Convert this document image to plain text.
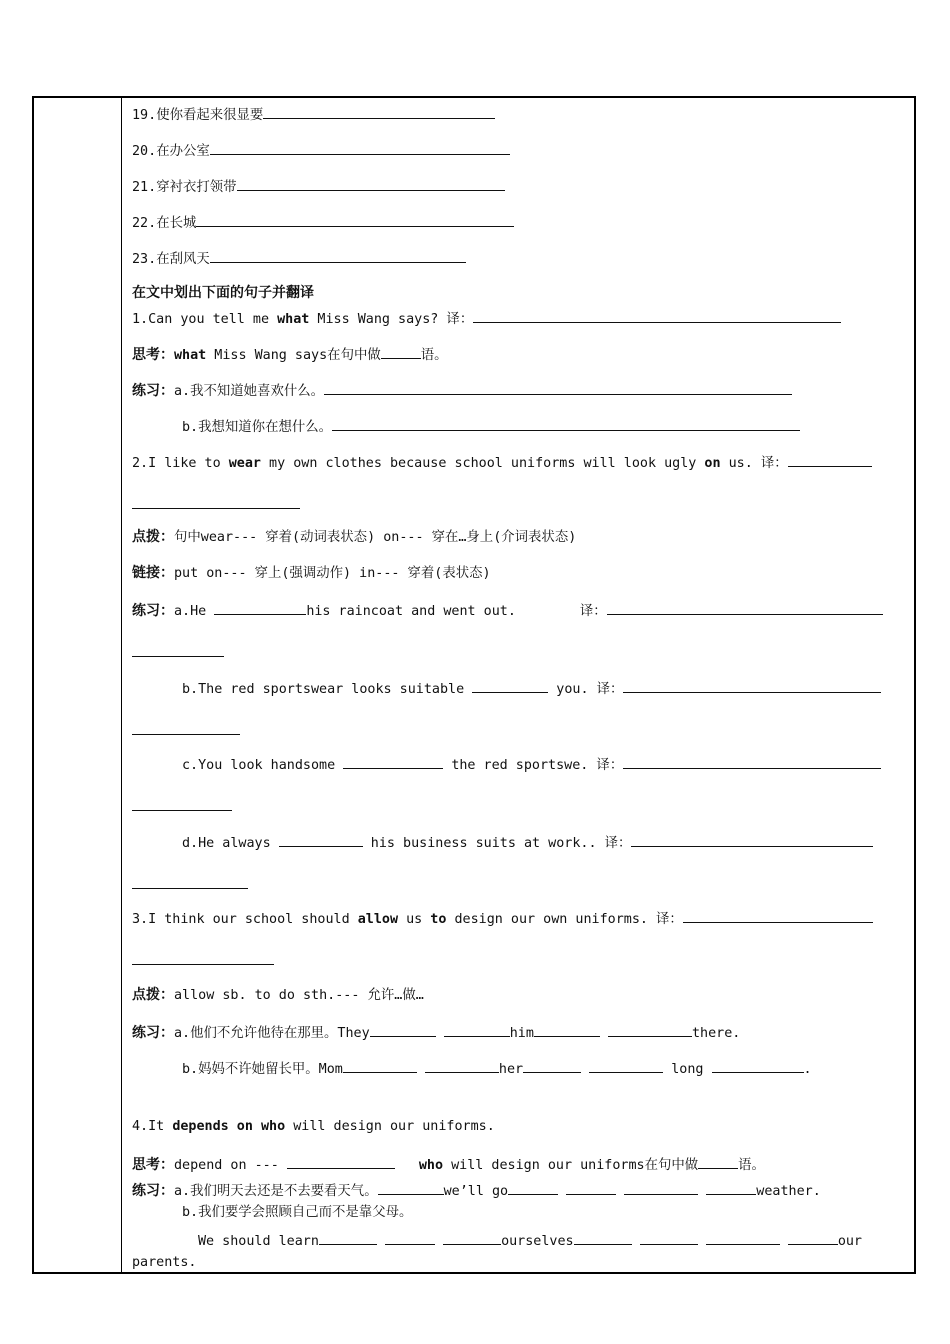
19.使你看起来很显要
20.在办公室
21.穿衬衣打领带
22.在长城
23.在刮风天
在文中划出下面的句子并翻译
1.Can you tell me what Miss Wang says? 译：
思考：what Miss Wang says在句中做	语。
练习：a.我不知道她喜欢什么。
b.我想知道你在想什么。
2.I like to wear my own clothes because school uniforms will look ugly on us. 译：
点拨：句中wear--- 穿着(动词表状态) on--- 穿在…身上(介词表状态)
链接：put on--- 穿上(强调动作) in--- 穿着(表状态)
练习：a.He	his raincoat and went out.	译：
b.The red sportswear looks suitable	you. 译：
c.You look handsome	the red sportswe. 译：
d.He always	his business suits at work.. 译：
3.I think our school should allow us to design our own uniforms. 译：
点拨：allow sb. to do sth.--- 允许…做…
练习：a.他们不允许他待在那里。They	him	there.
b.妈妈不许她留长甲。Mom	her	long	.
4.It depends on who will design our uniforms.
思考：depend on ---	who will design our uniforms在句中做	语。
练习：a.我们明天去还是不去要看天气。	we’ll go	weather.
b.我们要学会照顾自己而不是靠父母。
We should learn	ourselves	our
parents.
